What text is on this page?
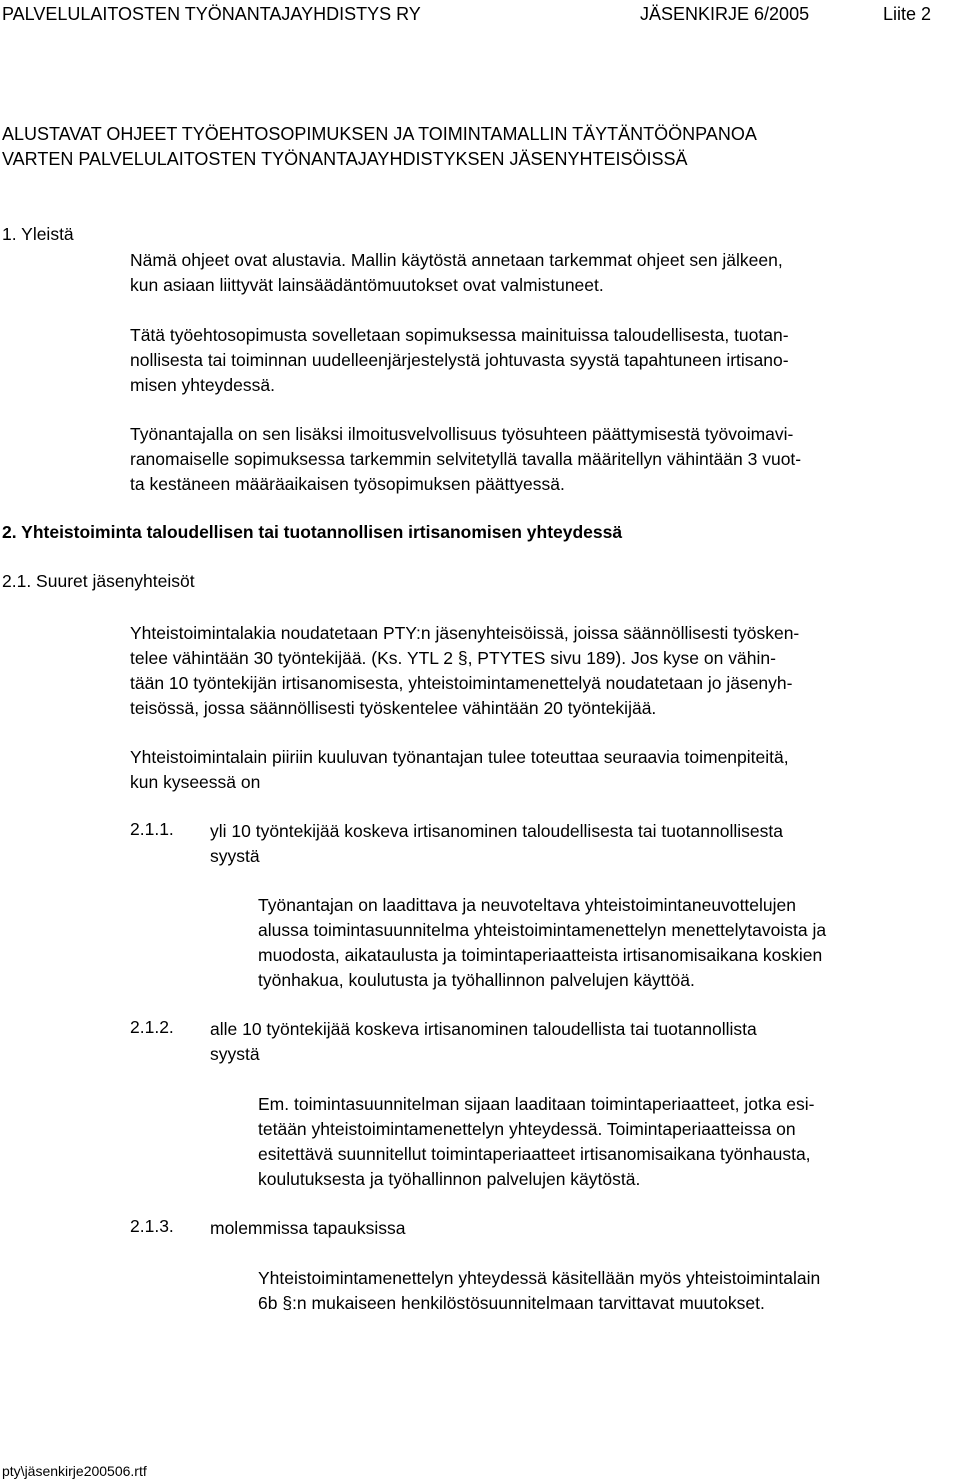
PALVELULAITOSTEN TYÖNANTAJAYHDISTYS RY	JÄSENKIRJE 6/2005	Liite 2
ALUSTAVAT OHJEET TYÖEHTOSOPIMUKSEN JA TOIMINTAMALLIN TÄYTÄNTÖÖNPANOA
VARTEN PALVELULAITOSTEN TYÖNANTAJAYHDISTYKSEN JÄSENYHTEISÖISSÄ
1. Yleistä
Nämä ohjeet ovat alustavia. Mallin käytöstä annetaan tarkemmat ohjeet sen jälkeen,
kun asiaan liittyvät lainsäädäntömuutokset ovat valmistuneet.
Tätä työehtosopimusta sovelletaan sopimuksessa mainituissa taloudellisesta, tuotan-
nollisesta tai toiminnan uudelleenjärjestelystä johtuvasta syystä tapahtuneen irtisano-
misen yhteydessä.
Työnantajalla on sen lisäksi ilmoitusvelvollisuus työsuhteen päättymisestä työvoimavi-
ranomaiselle sopimuksessa tarkemmin selvitetyllä tavalla määritellyn vähintään 3 vuot-
ta kestäneen määräaikaisen työsopimuksen päättyessä.
2. Yhteistoiminta taloudellisen tai tuotannollisen irtisanomisen yhteydessä
2.1. Suuret jäsenyhteisöt
Yhteistoimintalakia noudatetaan PTY:n jäsenyhteisöissä, joissa säännöllisesti työsken-
telee vähintään 30 työntekijää. (Ks. YTL 2 §, PTYTES sivu 189). Jos kyse on vähin-
tään 10 työntekijän irtisanomisesta, yhteistoimintamenettelyä noudatetaan jo jäsenyh-
teisössä, jossa säännöllisesti työskentelee vähintään 20 työntekijää.
Yhteistoimintalain piiriin kuuluvan työnantajan tulee toteuttaa seuraavia toimenpiteitä,
kun kyseessä on
2.1.1. yli 10 työntekijää koskeva irtisanominen taloudellisesta tai tuotannollisesta
syystä
Työnantajan on laadittava ja neuvoteltava yhteistoimintaneuvottelujen
alussa toimintasuunnitelma yhteistoimintamenettelyn menettelytavoista ja
muodosta, aikataulusta ja toimintaperiaatteista irtisanomisaikana koskien
työnhakua, koulutusta ja työhallinnon palvelujen käyttöä.
2.1.2. alle 10 työntekijää koskeva irtisanominen taloudellista tai tuotannollista
syystä
Em. toimintasuunnitelman sijaan laaditaan toimintaperiaatteet, jotka esi-
tetään yhteistoimintamenettelyn yhteydessä. Toimintaperiaatteissa on
esitettävä suunnitellut toimintaperiaatteet irtisanomisaikana työnhausta,
koulutuksesta ja työhallinnon palvelujen käytöstä.
2.1.3. molemmissa tapauksissa
Yhteistoimintamenettelyn yhteydessä käsitellään myös yhteistoimintalain
6b §:n mukaiseen henkilöstösuunnitelmaan tarvittavat muutokset.
pty\jäsenkirje200506.rtf
